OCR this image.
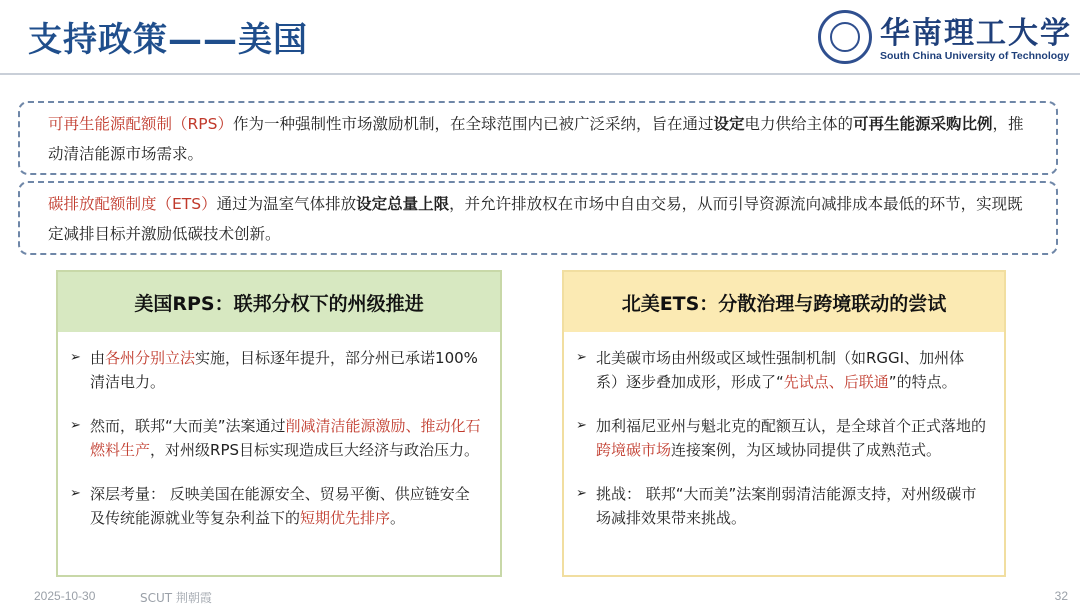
支持政策——美国	华南理工大学
South China University of Technology
可再生能源配额制（RPS）作为一种强制性市场激励机制，在全球范围内已被广泛采纳，旨在通过设定电力供给主体的可再生能源采购比例，推动清洁能源市场需求。
碳排放配额制度（ETS）通过为温室气体排放设定总量上限，并允许排放权在市场中自由交易，从而引导资源流向减排成本最低的环节，实现既定减排目标并激励低碳技术创新。
美国RPS：联邦分权下的州级推进
➢ 由各州分别立法实施，目标逐年提升，部分州已承诺100%清洁电力。
➢ 然而，联邦“大而美”法案通过削减清洁能源激励、推动化石燃料生产，对州级RPS目标实现造成巨大经济与政治压力。
➢ 深层考量： 反映美国在能源安全、贸易平衡、供应链安全及传统能源就业等复杂利益下的短期优先排序。
北美ETS：分散治理与跨境联动的尝试
➢ 北美碳市场由州级或区域性强制机制（如RGGI、加州体系）逐步叠加成形，形成了“先试点、后联通”的特点。
➢ 加利福尼亚州与魁北克的配额互认，是全球首个正式落地的跨境碳市场连接案例，为区域协同提供了成熟范式。
➢ 挑战： 联邦“大而美”法案削弱清洁能源支持，对州级碳市场减排效果带来挑战。
2025-10-30	SCUT 荆朝霞	32
